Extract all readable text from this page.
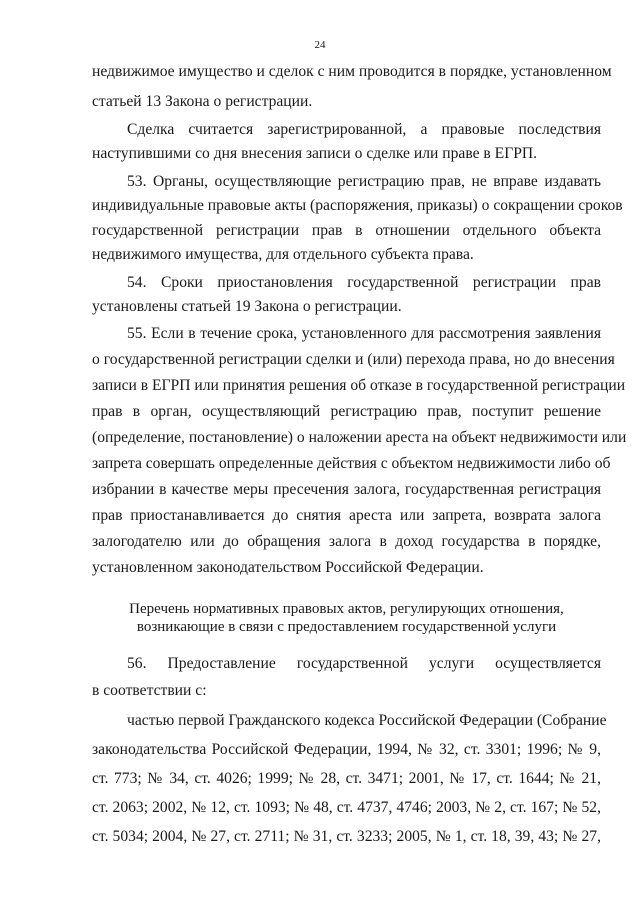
24
недвижимое имущество и сделок с ним проводится в порядке, установленном
статьей 13 Закона о регистрации.
Сделка считается зарегистрированной, а правовые последствия
наступившими со дня внесения записи о сделке или праве в ЕГРП.
53. Органы, осуществляющие регистрацию прав, не вправе издавать
индивидуальные правовые акты (распоряжения, приказы) о сокращении сроков
государственной регистрации прав в отношении отдельного объекта
недвижимого имущества, для отдельного субъекта права.
54. Сроки приостановления государственной регистрации прав
установлены статьей 19 Закона о регистрации.
55. Если в течение срока, установленного для рассмотрения заявления
о государственной регистрации сделки и (или) перехода права, но до внесения
записи в ЕГРП или принятия решения об отказе в государственной регистрации
прав в орган, осуществляющий регистрацию прав, поступит решение
(определение, постановление) о наложении ареста на объект недвижимости или
запрета совершать определенные действия с объектом недвижимости либо об
избрании в качестве меры пресечения залога, государственная регистрация
прав приостанавливается до снятия ареста или запрета, возврата залога
залогодателю или до обращения залога в доход государства в порядке,
установленном законодательством Российской Федерации.
Перечень нормативных правовых актов, регулирующих отношения,
возникающие в связи с предоставлением государственной услуги
56. Предоставление государственной услуги осуществляется
в соответствии с:
частью первой Гражданского кодекса Российской Федерации (Собрание
законодательства Российской Федерации, 1994, № 32, ст. 3301; 1996; № 9,
ст. 773; № 34, ст. 4026; 1999; № 28, ст. 3471; 2001, № 17, ст. 1644; № 21,
ст. 2063; 2002, № 12, ст. 1093; № 48, ст. 4737, 4746; 2003, № 2, ст. 167; № 52,
ст. 5034; 2004, № 27, ст. 2711; № 31, ст. 3233; 2005, № 1, ст. 18, 39, 43; № 27,
